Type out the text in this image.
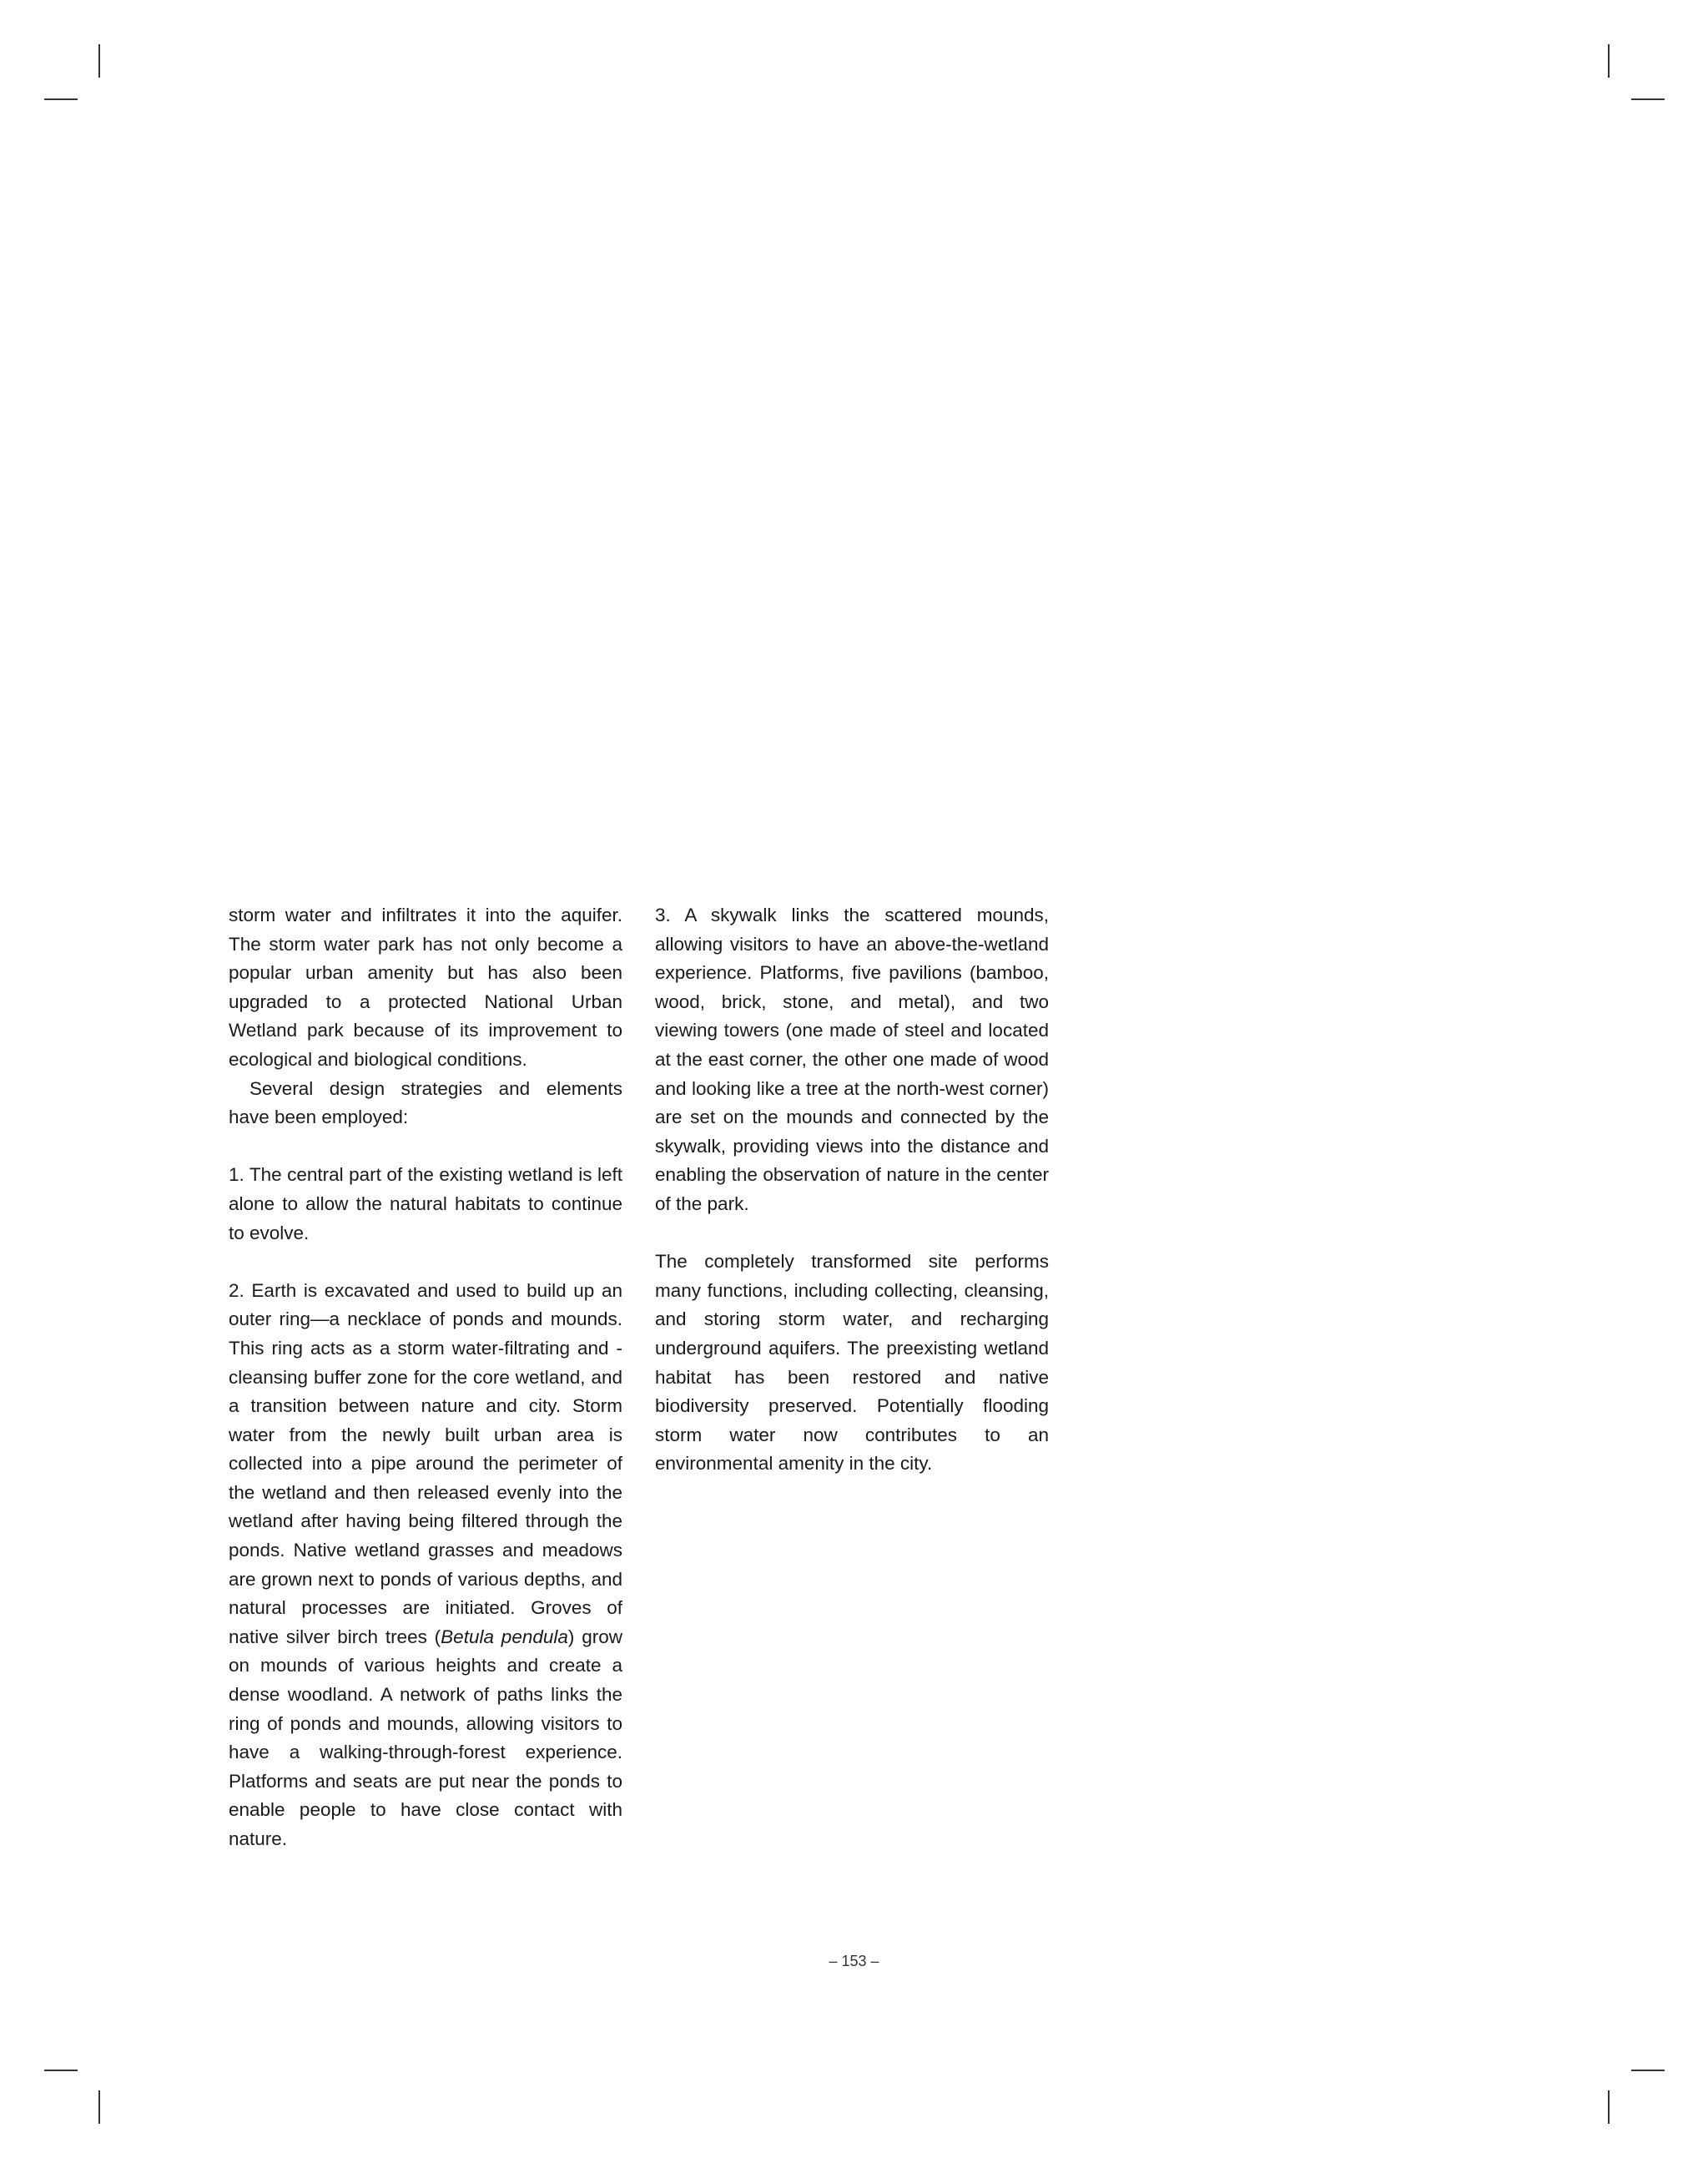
storm water and infiltrates it into the aquifer. The storm water park has not only become a popular urban amenity but has also been upgraded to a protected National Urban Wetland park because of its improvement to ecological and biological conditions.

Several design strategies and elements have been employed:

1. The central part of the existing wetland is left alone to allow the natural habitats to continue to evolve.

2. Earth is excavated and used to build up an outer ring—a necklace of ponds and mounds. This ring acts as a storm water-filtrating and -cleansing buffer zone for the core wetland, and a transition between nature and city. Storm water from the newly built urban area is collected into a pipe around the perimeter of the wetland and then released evenly into the wetland after having being filtered through the ponds. Native wetland grasses and meadows are grown next to ponds of various depths, and natural processes are initiated. Groves of native silver birch trees (Betula pendula) grow on mounds of various heights and create a dense woodland. A network of paths links the ring of ponds and mounds, allowing visitors to have a walking-through-forest experience. Platforms and seats are put near the ponds to enable people to have close contact with nature.

3. A skywalk links the scattered mounds, allowing visitors to have an above-the-wetland experience. Platforms, five pavilions (bamboo, wood, brick, stone, and metal), and two viewing towers (one made of steel and located at the east corner, the other one made of wood and looking like a tree at the north-west corner) are set on the mounds and connected by the skywalk, providing views into the distance and enabling the observation of nature in the center of the park.

The completely transformed site performs many functions, including collecting, cleansing, and storing storm water, and recharging underground aquifers. The preexisting wetland habitat has been restored and native biodiversity preserved. Potentially flooding storm water now contributes to an environmental amenity in the city.

– 153 –
